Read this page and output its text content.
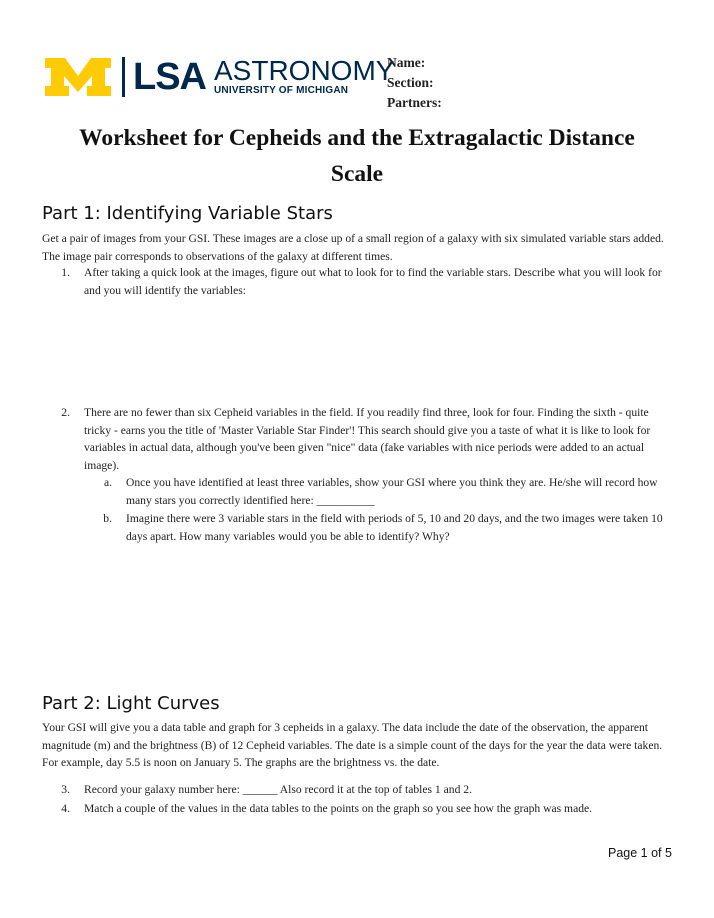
LSA ASTRONOMY
UNIVERSITY OF MICHIGAN
Name:
Section:
Partners:
Worksheet for Cepheids and the Extragalactic Distance
Scale
Part 1: Identifying Variable Stars
Get a pair of images from your GSI. These images are a close up of a small region of a galaxy with six simulated variable stars added. The image pair corresponds to observations of the galaxy at different times.
1. After taking a quick look at the images, figure out what to look for to find the variable stars. Describe what you will look for and you will identify the variables:
2. There are no fewer than six Cepheid variables in the field. If you readily find three, look for four. Finding the sixth - quite tricky - earns you the title of 'Master Variable Star Finder'! This search should give you a taste of what it is like to look for variables in actual data, although you've been given "nice" data (fake variables with nice periods were added to an actual image).
a. Once you have identified at least three variables, show your GSI where you think they are. He/she will record how many stars you correctly identified here: __________
b. Imagine there were 3 variable stars in the field with periods of 5, 10 and 20 days, and the two images were taken 10 days apart. How many variables would you be able to identify? Why?
Part 2: Light Curves
Your GSI will give you a data table and graph for 3 cepheids in a galaxy. The data include the date of the observation, the apparent magnitude (m) and the brightness (B) of 12 Cepheid variables. The date is a simple count of the days for the year the data were taken. For example, day 5.5 is noon on January 5. The graphs are the brightness vs. the date.
3. Record your galaxy number here: ______ Also record it at the top of tables 1 and 2.
4. Match a couple of the values in the data tables to the points on the graph so you see how the graph was made.
Page 1 of 5
